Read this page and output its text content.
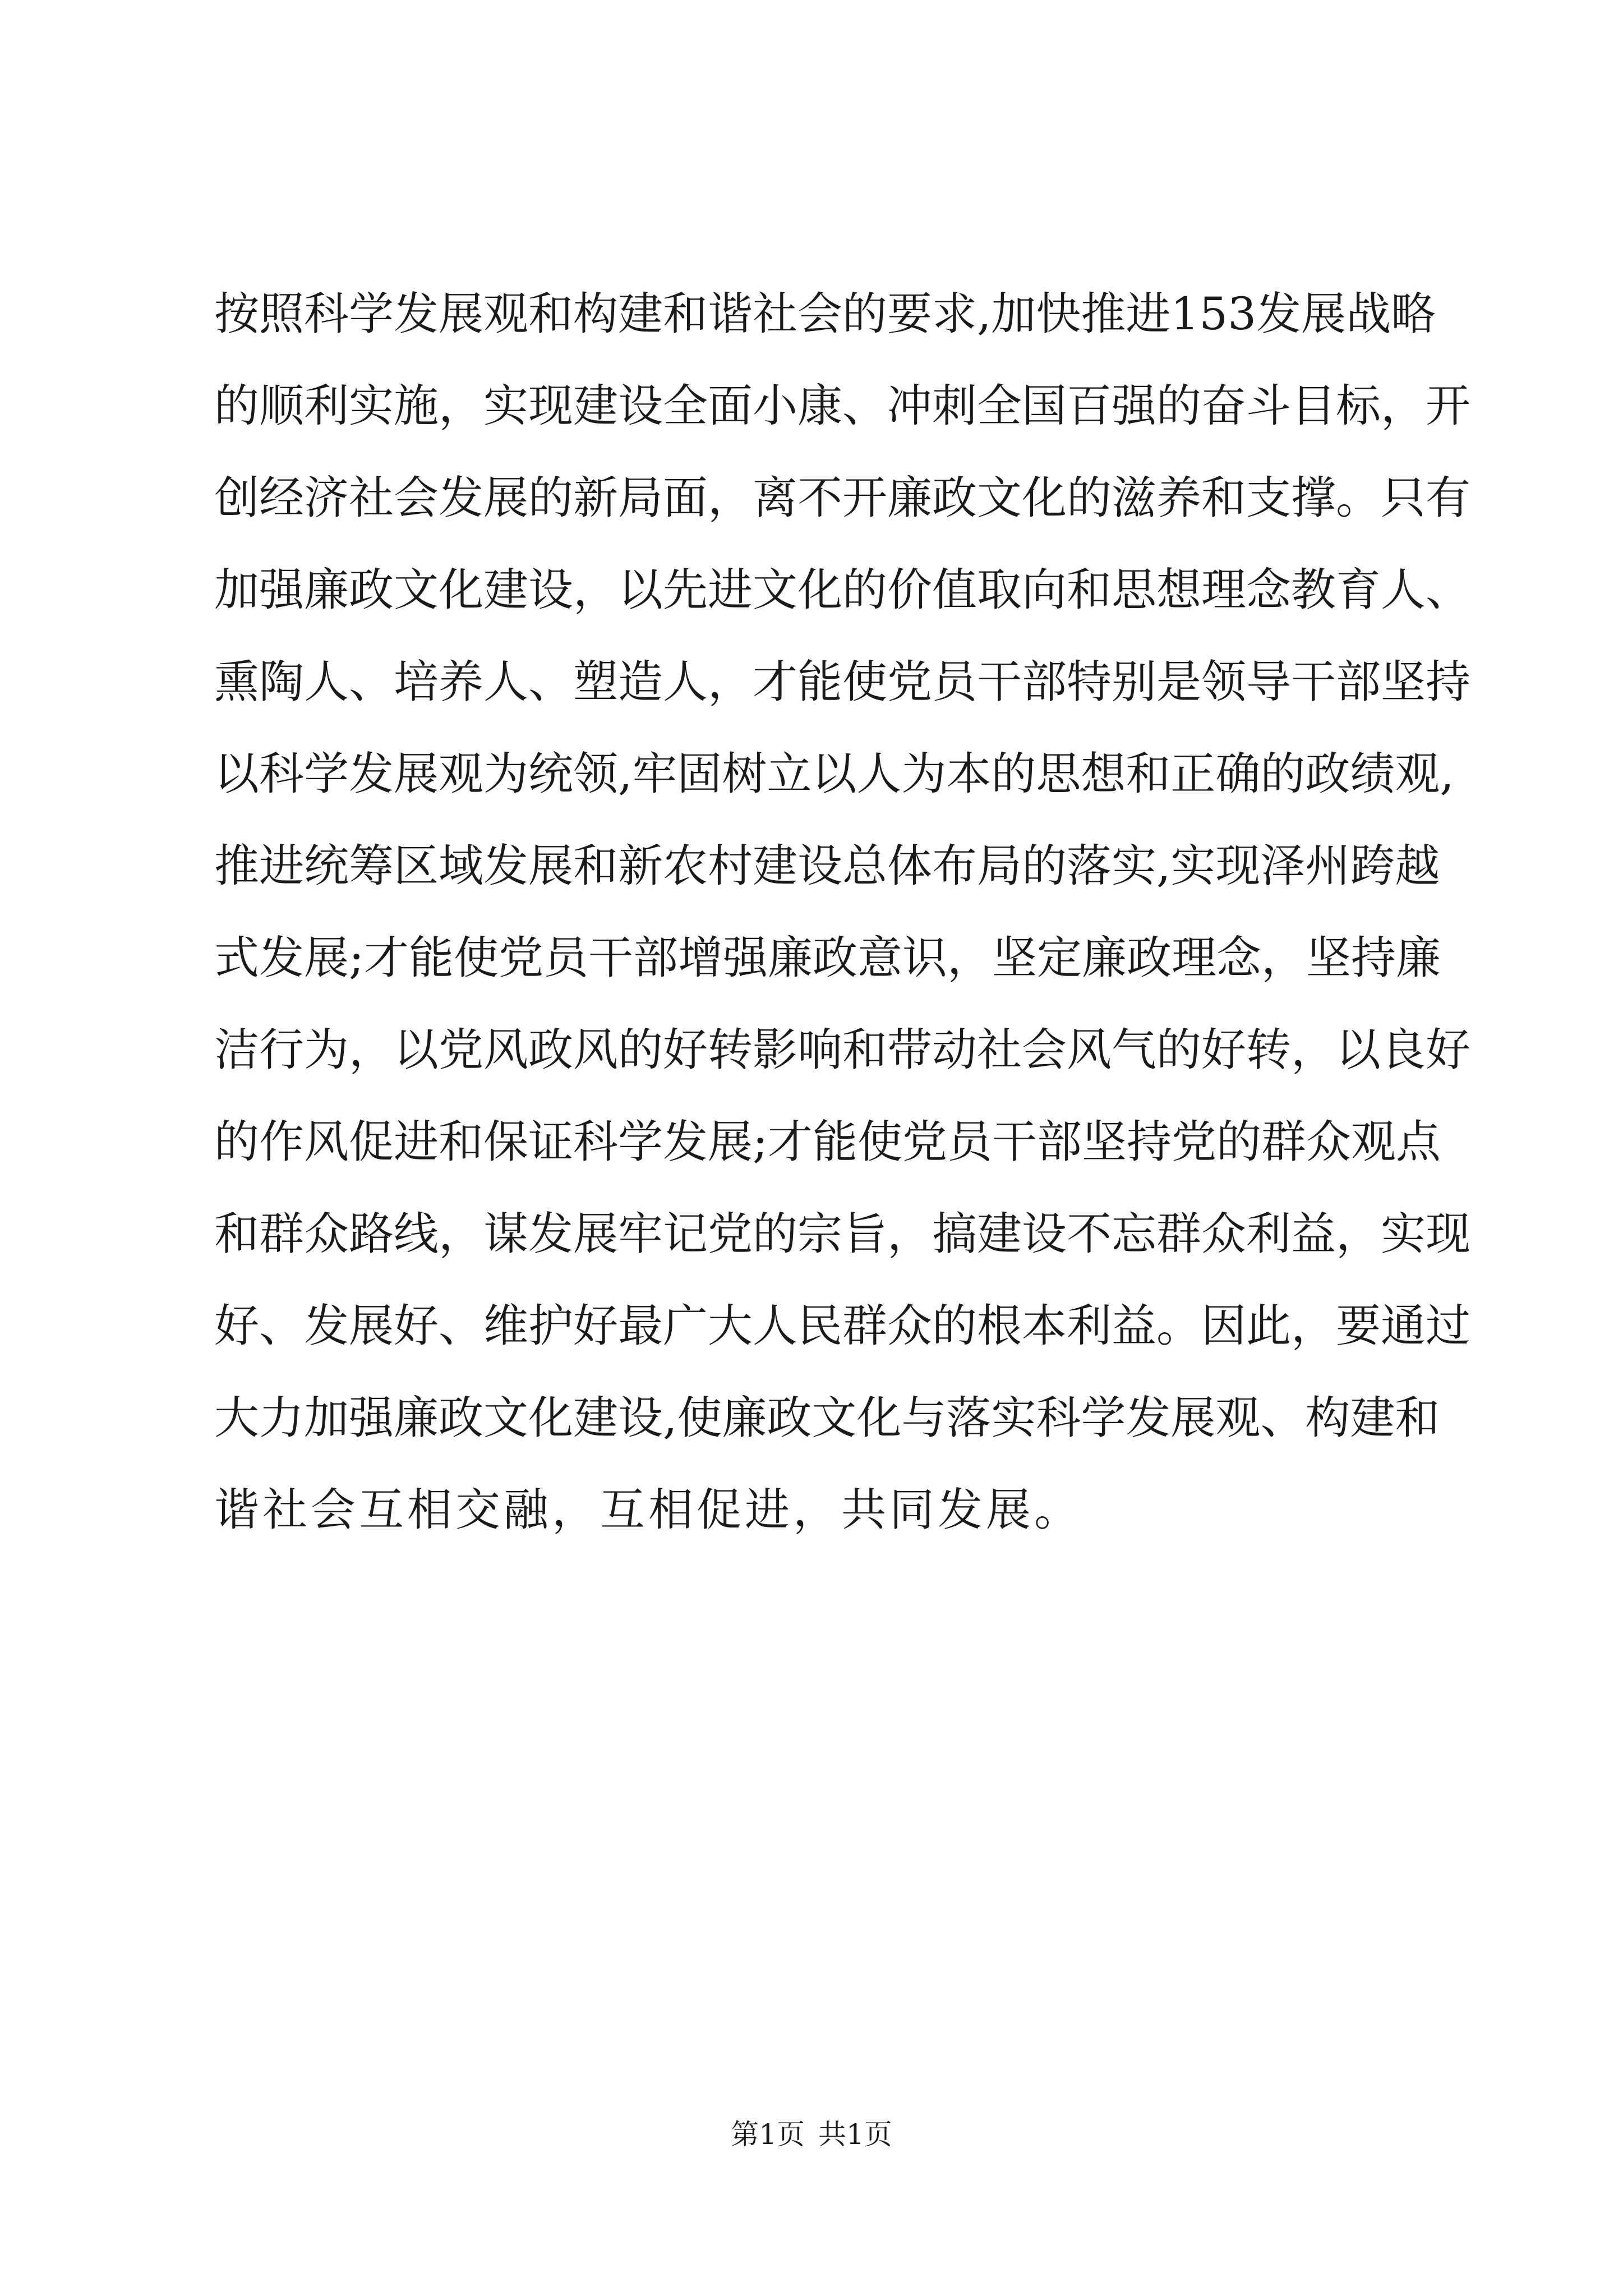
按照科学发展观和构建和谐社会的要求,加快推进153发展战略
的顺利实施，实现建设全面小康、冲刺全国百强的奋斗目标，开
创经济社会发展的新局面，离不开廉政文化的滋养和支撑。只有
加强廉政文化建设，以先进文化的价值取向和思想理念教育人、
熏陶人、培养人、塑造人，才能使党员干部特别是领导干部坚持
以科学发展观为统领,牢固树立以人为本的思想和正确的政绩观,
推进统筹区域发展和新农村建设总体布局的落实,实现泽州跨越
式发展;才能使党员干部增强廉政意识，坚定廉政理念，坚持廉
洁行为，以党风政风的好转影响和带动社会风气的好转，以良好
的作风促进和保证科学发展;才能使党员干部坚持党的群众观点
和群众路线，谋发展牢记党的宗旨，搞建设不忘群众利益，实现
好、发展好、维护好最广大人民群众的根本利益。因此，要通过
大力加强廉政文化建设,使廉政文化与落实科学发展观、构建和
谐社会互相交融，互相促进，共同发展。
第1页 共1页
